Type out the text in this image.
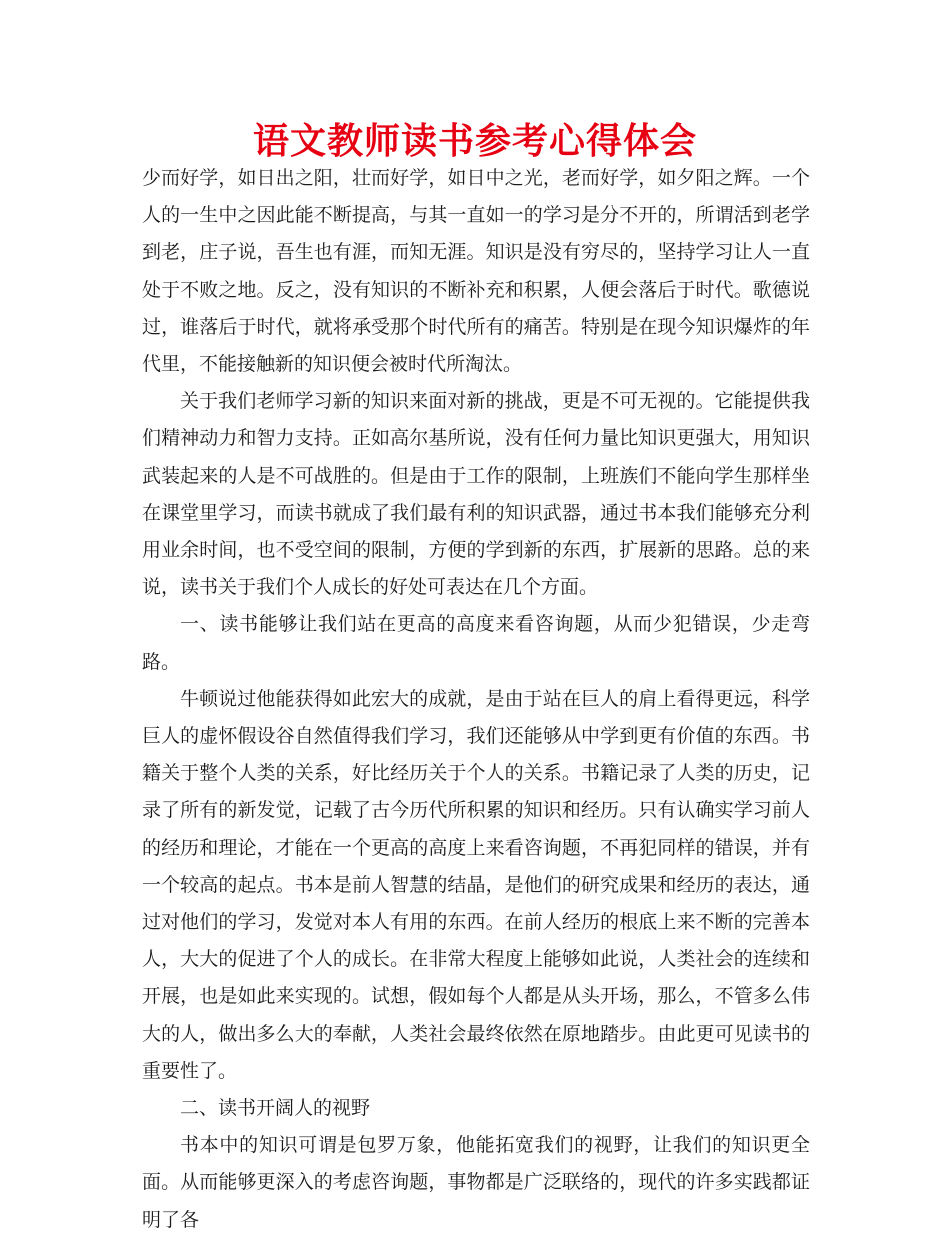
语文教师读书参考心得体会

少而好学，如日出之阳，壮而好学，如日中之光，老而好学，如夕阳之辉。一个人的一生中之因此能不断提高，与其一直如一的学习是分不开的，所谓活到老学到老，庄子说，吾生也有涯，而知无涯。知识是没有穷尽的，坚持学习让人一直处于不败之地。反之，没有知识的不断补充和积累，人便会落后于时代。歌德说过，谁落后于时代，就将承受那个时代所有的痛苦。特别是在现今知识爆炸的年代里，不能接触新的知识便会被时代所淘汰。

关于我们老师学习新的知识来面对新的挑战，更是不可无视的。它能提供我们精神动力和智力支持。正如高尔基所说，没有任何力量比知识更强大，用知识武装起来的人是不可战胜的。但是由于工作的限制，上班族们不能向学生那样坐在课堂里学习，而读书就成了我们最有利的知识武器，通过书本我们能够充分利用业余时间，也不受空间的限制，方便的学到新的东西，扩展新的思路。总的来说，读书关于我们个人成长的好处可表达在几个方面。

一、读书能够让我们站在更高的高度来看咨询题，从而少犯错误，少走弯路。

牛顿说过他能获得如此宏大的成就，是由于站在巨人的肩上看得更远，科学巨人的虚怀假设谷自然值得我们学习，我们还能够从中学到更有价值的东西。书籍关于整个人类的关系，好比经历关于个人的关系。书籍记录了人类的历史，记录了所有的新发觉，记载了古今历代所积累的知识和经历。只有认确实学习前人的经历和理论，才能在一个更高的高度上来看咨询题，不再犯同样的错误，并有一个较高的起点。书本是前人智慧的结晶，是他们的研究成果和经历的表达，通过对他们的学习，发觉对本人有用的东西。在前人经历的根底上来不断的完善本人，大大的促进了个人的成长。在非常大程度上能够如此说，人类社会的连续和开展，也是如此来实现的。试想，假如每个人都是从头开场，那么，不管多么伟大的人，做出多么大的奉献，人类社会最终依然在原地踏步。由此更可见读书的重要性了。

二、读书开阔人的视野

书本中的知识可谓是包罗万象，他能拓宽我们的视野，让我们的知识更全面。从而能够更深入的考虑咨询题，事物都是广泛联络的，现代的许多实践都证明了各
